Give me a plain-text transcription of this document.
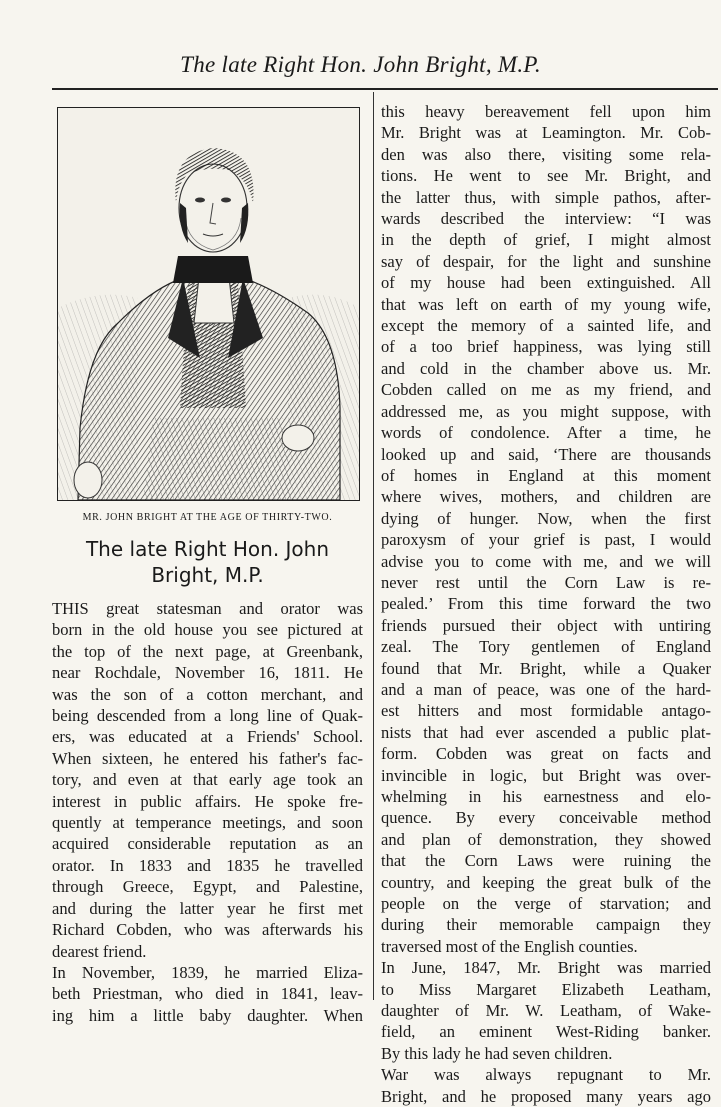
The late Right Hon. John Bright, M.P.
MR. JOHN BRIGHT AT THE AGE OF THIRTY-TWO.
The late Right Hon. John
Bright, M.P.
THIS great statesman and orator was
born in the old house you see pictured at
the top of the next page, at Greenbank,
near Rochdale, November 16, 1811. He
was the son of a cotton merchant, and
being descended from a long line of Quak-
ers, was educated at a Friends' School.
When sixteen, he entered his father's fac-
tory, and even at that early age took an
interest in public affairs. He spoke fre-
quently at temperance meetings, and soon
acquired considerable reputation as an
orator. In 1833 and 1835 he travelled
through Greece, Egypt, and Palestine,
and during the latter year he first met
Richard Cobden, who was afterwards his
dearest friend.
In November, 1839, he married Eliza-
beth Priestman, who died in 1841, leav-
ing him a little baby daughter. When
this heavy bereavement fell upon him
Mr. Bright was at Leamington. Mr. Cob-
den was also there, visiting some rela-
tions. He went to see Mr. Bright, and
the latter thus, with simple pathos, after-
wards described the interview: “I was
in the depth of grief, I might almost
say of despair, for the light and sunshine
of my house had been extinguished. All
that was left on earth of my young wife,
except the memory of a sainted life, and
of a too brief happiness, was lying still
and cold in the chamber above us. Mr.
Cobden called on me as my friend, and
addressed me, as you might suppose, with
words of condolence. After a time, he
looked up and said, ‘There are thousands
of homes in England at this moment
where wives, mothers, and children are
dying of hunger. Now, when the first
paroxysm of your grief is past, I would
advise you to come with me, and we will
never rest until the Corn Law is re-
pealed.’ From this time forward the two
friends pursued their object with untiring
zeal. The Tory gentlemen of England
found that Mr. Bright, while a Quaker
and a man of peace, was one of the hard-
est hitters and most formidable antago-
nists that had ever ascended a public plat-
form. Cobden was great on facts and
invincible in logic, but Bright was over-
whelming in his earnestness and elo-
quence. By every conceivable method
and plan of demonstration, they showed
that the Corn Laws were ruining the
country, and keeping the great bulk of the
people on the verge of starvation; and
during their memorable campaign they
traversed most of the English counties.
In June, 1847, Mr. Bright was married
to Miss Margaret Elizabeth Leatham,
daughter of Mr. W. Leatham, of Wake-
field, an eminent West-Riding banker.
By this lady he had seven children.
War was always repugnant to Mr.
Bright, and he proposed many years ago
